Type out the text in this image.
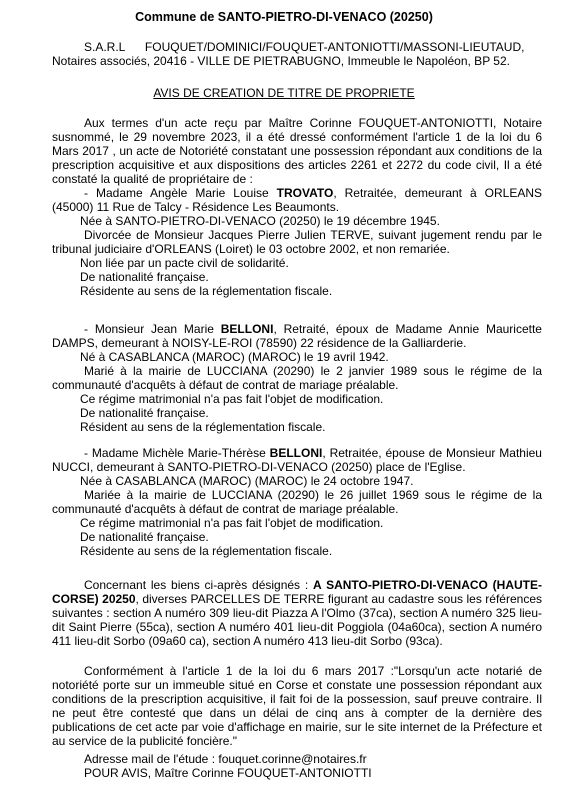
Commune de SANTO-PIETRO-DI-VENACO (20250)
S.A.R.L      FOUQUET/DOMINICI/FOUQUET-ANTONIOTTI/MASSONI-LIEUTAUD,
Notaires associés, 20416 - VILLE DE PIETRABUGNO, Immeuble le Napoléon, BP 52.
AVIS DE CREATION DE TITRE DE PROPRIETE
Aux termes d'un acte reçu par Maître Corinne FOUQUET-ANTONIOTTI, Notaire susnommé, le 29 novembre 2023, il a été dressé conformément l'article 1 de la loi du 6 Mars 2017 , un acte de Notoriété constatant une possession répondant aux conditions de la prescription acquisitive et aux dispositions des articles 2261 et 2272 du code civil, Il a été constaté la qualité de propriétaire de :
- Madame Angèle Marie Louise TROVATO, Retraitée, demeurant à ORLEANS (45000) 11 Rue de Talcy - Résidence Les Beaumonts.
Née à SANTO-PIETRO-DI-VENACO (20250) le 19 décembre 1945.
Divorcée de Monsieur Jacques Pierre Julien TERVE, suivant jugement rendu par le tribunal judiciaire d'ORLEANS (Loiret) le 03 octobre 2002, et non remariée.
Non liée par un pacte civil de solidarité.
De nationalité française.
Résidente au sens de la réglementation fiscale.
- Monsieur Jean Marie BELLONI, Retraité, époux de Madame Annie Mauricette DAMPS, demeurant à NOISY-LE-ROI (78590) 22 résidence de la Galliarderie.
Né à CASABLANCA (MAROC) (MAROC) le 19 avril 1942.
Marié à la mairie de LUCCIANA (20290) le 2 janvier 1989 sous le régime de la communauté d'acquêts à défaut de contrat de mariage préalable.
Ce régime matrimonial n'a pas fait l'objet de modification.
De nationalité française.
Résident au sens de la réglementation fiscale.
- Madame Michèle Marie-Thérèse BELLONI, Retraitée, épouse de Monsieur Mathieu NUCCI, demeurant à SANTO-PIETRO-DI-VENACO (20250) place de l'Eglise.
Née à CASABLANCA (MAROC) (MAROC) le 24 octobre 1947.
Mariée à la mairie de LUCCIANA (20290) le 26 juillet 1969 sous le régime de la communauté d'acquêts à défaut de contrat de mariage préalable.
Ce régime matrimonial n'a pas fait l'objet de modification.
De nationalité française.
Résidente au sens de la réglementation fiscale.
Concernant les biens ci-après désignés : A SANTO-PIETRO-DI-VENACO (HAUTE-CORSE) 20250, diverses PARCELLES DE TERRE figurant au cadastre sous les références suivantes : section A numéro 309 lieu-dit Piazza A l'Olmo (37ca), section A numéro 325 lieu-dit Saint Pierre (55ca), section A numéro 401 lieu-dit Poggiola (04a60ca), section A numéro 411 lieu-dit Sorbo (09a60 ca), section A numéro 413 lieu-dit Sorbo (93ca).
Conformément à l'article 1 de la loi du 6 mars 2017 :"Lorsqu'un acte notarié de notoriété porte sur un immeuble situé en Corse et constate une possession répondant aux conditions de la prescription acquisitive, il fait foi de la possession, sauf preuve contraire. Il ne peut être contesté que dans un délai de cinq ans à compter de la dernière des publications de cet acte par voie d'affichage en mairie, sur le site internet de la Préfecture et au service de la publicité foncière."
Adresse mail de l'étude : fouquet.corinne@notaires.fr
POUR AVIS, Maître Corinne FOUQUET-ANTONIOTTI
